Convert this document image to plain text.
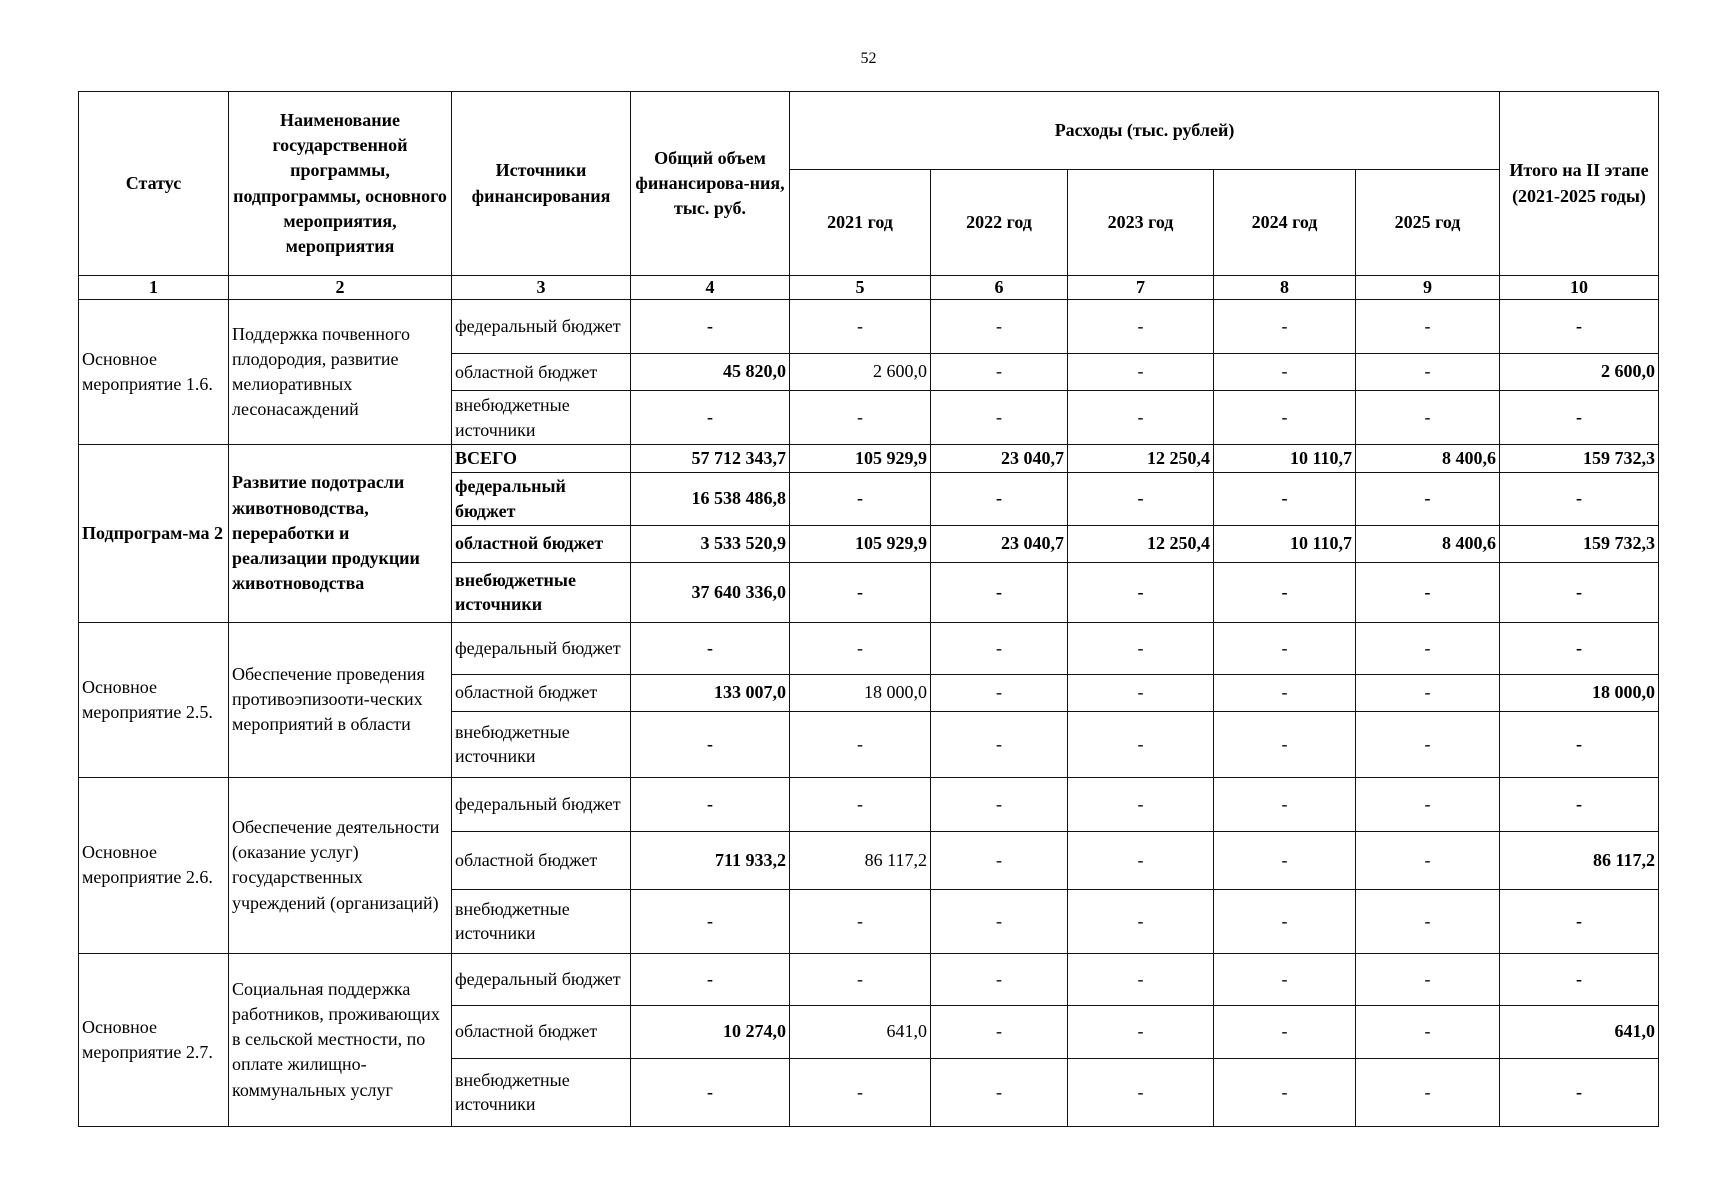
52
Статус	Наименование государственной программы, подпрограммы, основного мероприятия, мероприятия	Источники финансирования	Общий объем финансирова-ния, тыс. руб.	Расходы (тыс. рублей)					Итого на II этапе (2021-2025 годы)
				2021 год	2022 год	2023 год	2024 год	2025 год	
1	2	3	4	5	6	7	8	9	10
Основное мероприятие 1.6.	Поддержка почвенного плодородия, развитие мелиоративных лесонасаждений	федеральный бюджет	-	-	-	-	-	-	-
		областной бюджет	45 820,0	2 600,0	-	-	-	-	2 600,0
		внебюджетные источники	-	-	-	-	-	-	-
Подпрограм-ма 2	Развитие подотрасли животноводства, переработки и реализации продукции животноводства	ВСЕГО	57 712 343,7	105 929,9	23 040,7	12 250,4	10 110,7	8 400,6	159 732,3
		федеральный бюджет	16 538 486,8	-	-	-	-	-	-
		областной бюджет	3 533 520,9	105 929,9	23 040,7	12 250,4	10 110,7	8 400,6	159 732,3
		внебюджетные источники	37 640 336,0	-	-	-	-	-	-
Основное мероприятие 2.5.	Обеспечение проведения противоэпизооти-ческих мероприятий в области	федеральный бюджет	-	-	-	-	-	-	-
		областной бюджет	133 007,0	18 000,0	-	-	-	-	18 000,0
		внебюджетные источники	-	-	-	-	-	-	-
Основное мероприятие 2.6.	Обеспечение деятельности (оказание услуг) государственных учреждений (организаций)	федеральный бюджет	-	-	-	-	-	-	-
		областной бюджет	711 933,2	86 117,2	-	-	-	-	86 117,2
		внебюджетные источники	-	-	-	-	-	-	-
Основное мероприятие 2.7.	Социальная поддержка работников, проживающих в сельской местности, по оплате жилищно-коммунальных услуг	федеральный бюджет	-	-	-	-	-	-	-
		областной бюджет	10 274,0	641,0	-	-	-	-	641,0
		внебюджетные источники	-	-	-	-	-	-	-
